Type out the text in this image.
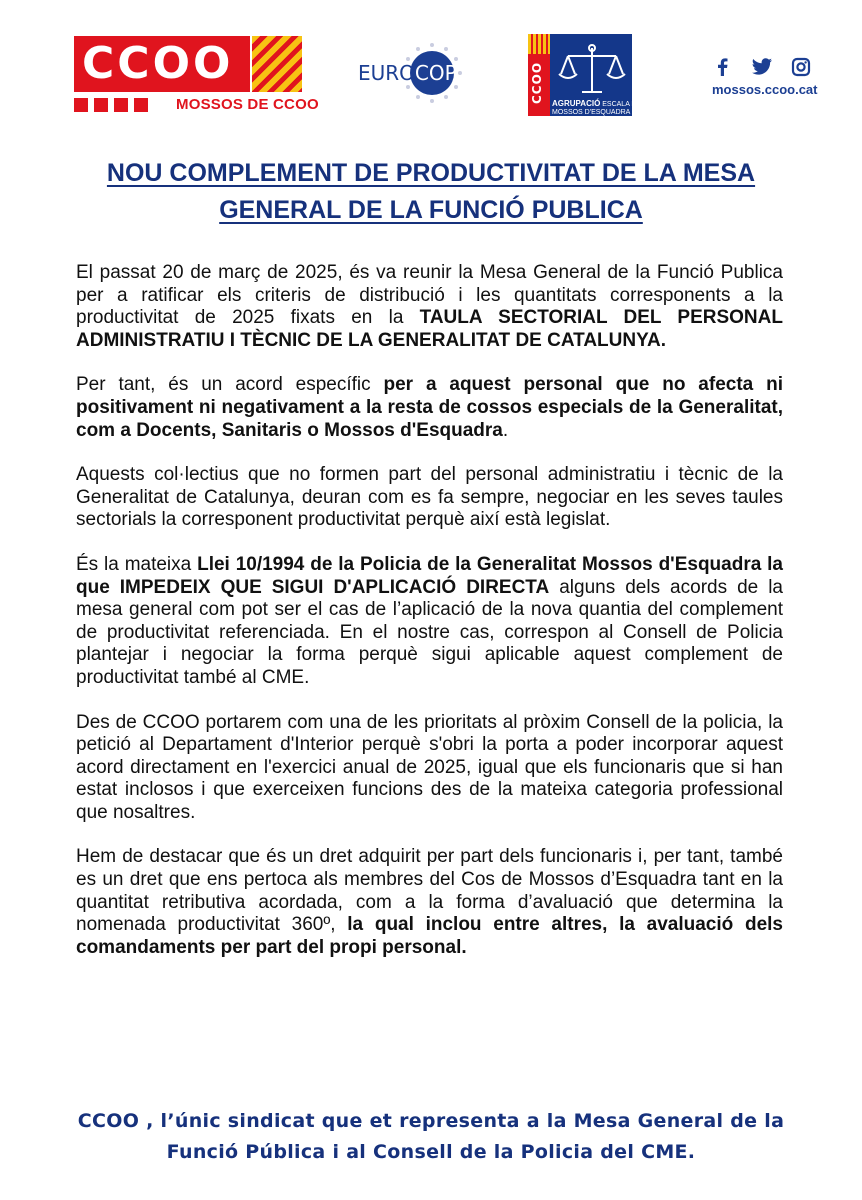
CCOO
MOSSOS DE CCOO
EUROCOP	CCOO AGRUPACIÓ ESCALA DE SUPORT
MOSSOS D'ESQUADRA
mossos.ccoo.cat
NOU COMPLEMENT DE PRODUCTIVITAT DE LA MESA GENERAL DE LA FUNCIÓ PUBLICA

El passat 20 de març de 2025, és va reunir la Mesa General de la Funció Publica per a ratificar els criteris de distribució i les quantitats corresponents a la productivitat de 2025 fixats en la TAULA SECTORIAL DEL PERSONAL ADMINISTRATIU I TÈCNIC DE LA GENERALITAT DE CATALUNYA.

Per tant, és un acord específic per a aquest personal que no afecta ni positivament ni negativament a la resta de cossos especials de la Generalitat, com a Docents, Sanitaris o Mossos d'Esquadra.

Aquests col·lectius que no formen part del personal administratiu i tècnic de la Generalitat de Catalunya, deuran com es fa sempre, negociar en les seves taules sectorials la corresponent productivitat perquè així està legislat.

És la mateixa Llei 10/1994 de la Policia de la Generalitat Mossos d'Esquadra la que IMPEDEIX QUE SIGUI D'APLICACIÓ DIRECTA alguns dels acords de la mesa general com pot ser el cas de l’aplicació de la nova quantia del complement de productivitat referenciada. En el nostre cas, correspon al Consell de Policia plantejar i negociar la forma perquè sigui aplicable aquest complement de productivitat també al CME.

Des de CCOO portarem com una de les prioritats al pròxim Consell de la policia, la petició al Departament d'Interior perquè s'obri la porta a poder incorporar aquest acord directament en l'exercici anual de 2025, igual que els funcionaris que si han estat inclosos i que exerceixen funcions des de la mateixa categoria professional que nosaltres.

Hem de destacar que és un dret adquirit per part dels funcionaris i, per tant, també es un dret que ens pertoca als membres del Cos de Mossos d’Esquadra tant en la quantitat retributiva acordada, com a la forma d’avaluació que determina la nomenada productivitat 360º, la qual inclou entre altres, la avaluació dels comandaments per part del propi personal.

CCOO , l’únic sindicat que et representa a la Mesa General de la Funció Pública i al Consell de la Policia del CME.
